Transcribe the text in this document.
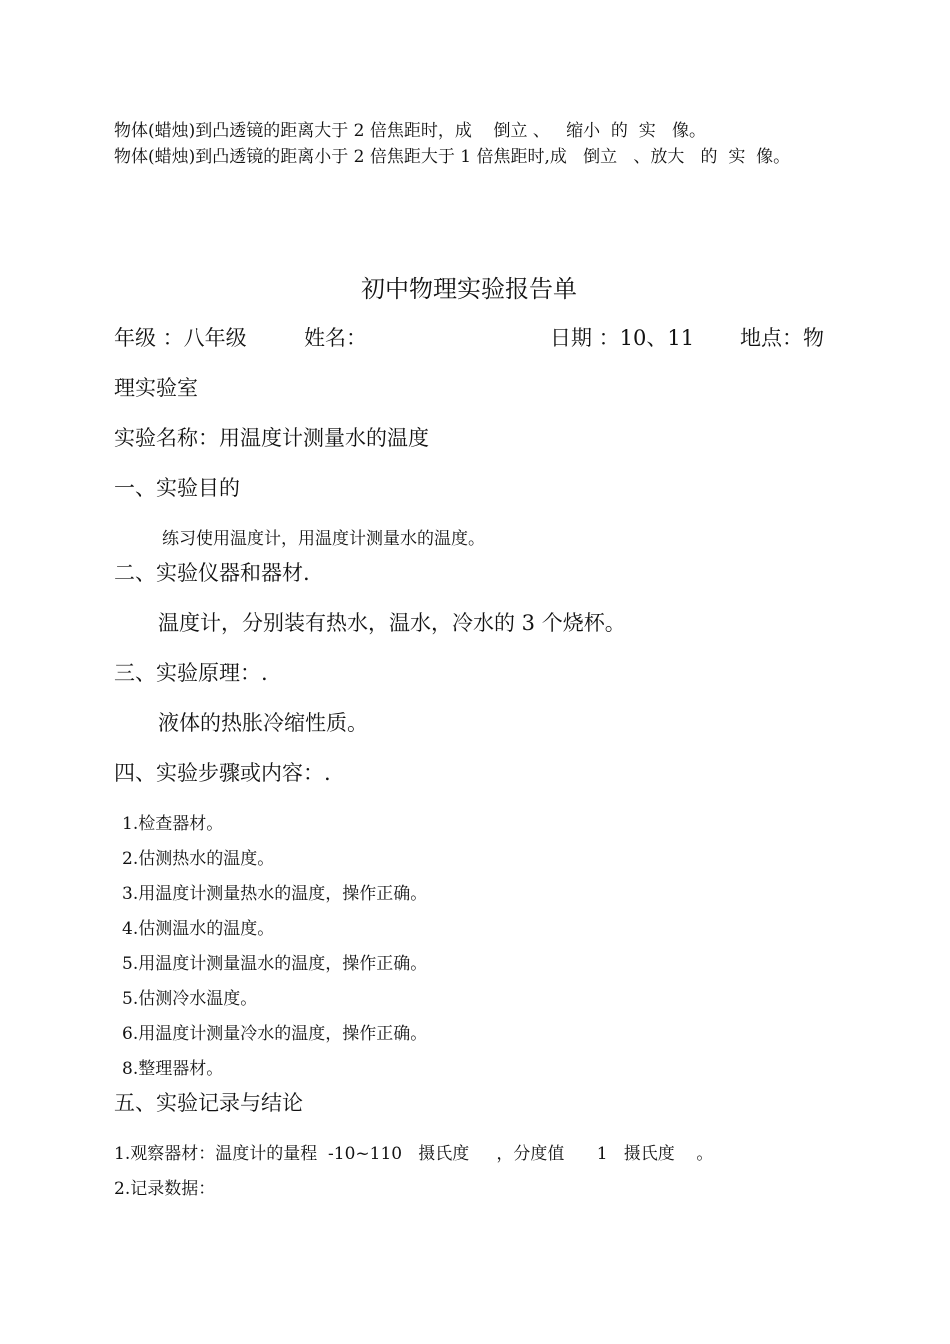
物体(蜡烛)到凸透镜的距离大于 2 倍焦距时，成    倒立 、   缩小  的  实   像。
物体(蜡烛)到凸透镜的距离小于 2 倍焦距大于 1 倍焦距时,成   倒立   、放大   的  实  像。
初中物理实验报告单
年级 ：八年级	姓名：	日期 ：10、11 地点：物
理实验室
实验名称：用温度计测量水的温度
一、实验目的
练习使用温度计，用温度计测量水的温度。
二、实验仪器和器材.
温度计，分别装有热水，温水，冷水的 3 个烧杯。
三、实验原理：.
液体的热胀冷缩性质。
四、实验步骤或内容：.
1.检查器材。
2.估测热水的温度。
3.用温度计测量热水的温度，操作正确。
4.估测温水的温度。
5.用温度计测量温水的温度，操作正确。
5.估测冷水温度。
6.用温度计测量冷水的温度，操作正确。
8.整理器材。
五、实验记录与结论
1.观察器材：温度计的量程  -10~110   摄氏度     ，分度值      1   摄氏度    。
2.记录数据：
